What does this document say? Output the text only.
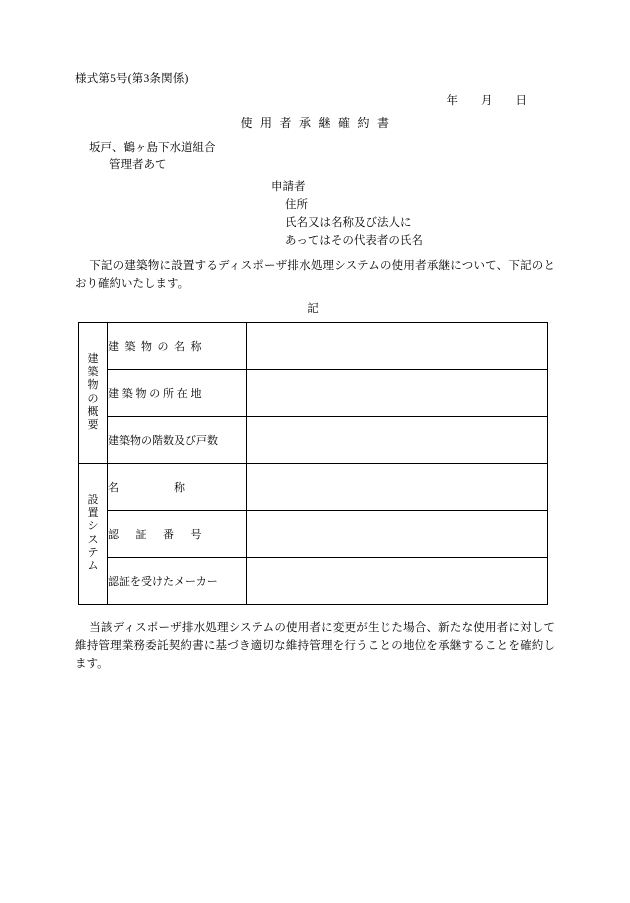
様式第5号(第3条関係)
年        月        日
使  用  者  承  継  確  約  書
坂戸、鶴ヶ島下水道組合
管理者あて
申請者
住所
氏名又は名称及び法人に
あってはその代表者の氏名
下記の建築物に設置するディスポーザ排水処理システムの使用者承継について、下記のとおり確約いたします。
記
建築物の概要	建  築  物  の  名  称	
	建 築 物 の 所 在 地	
	建築物の階数及び戸数	

設置システム	名                    称	
	認      証      番      号	
	認証を受けたメーカー	
当該ディスポーザ排水処理システムの使用者に変更が生じた場合、新たな使用者に対して維持管理業務委託契約書に基づき適切な維持管理を行うことの地位を承継することを確約します。
